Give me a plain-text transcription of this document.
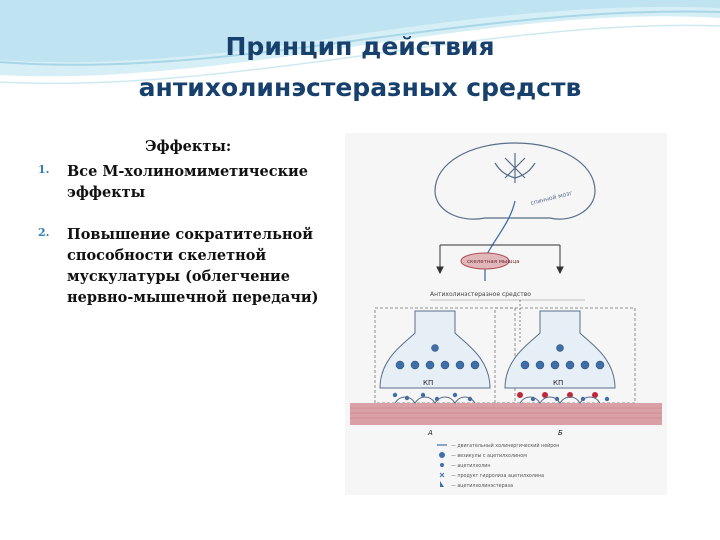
Принцип действия
антихолинэстеразных средств
Эффекты:
1. Все М-холиномиметические эффекты
2. Повышение сократительной способности скелетной мускулатуры (облегчение нервно-мышечной передачи)
спинной мозг
скелетная мышца
Антихолинэстеразное средство
КП	КП
А	Б
— двигательный холинергический нейрон
— везикулы с ацетилхолином
— ацетилхолин
— продукт гидролиза ацетилхолина
— ацетилхолинэстераза
